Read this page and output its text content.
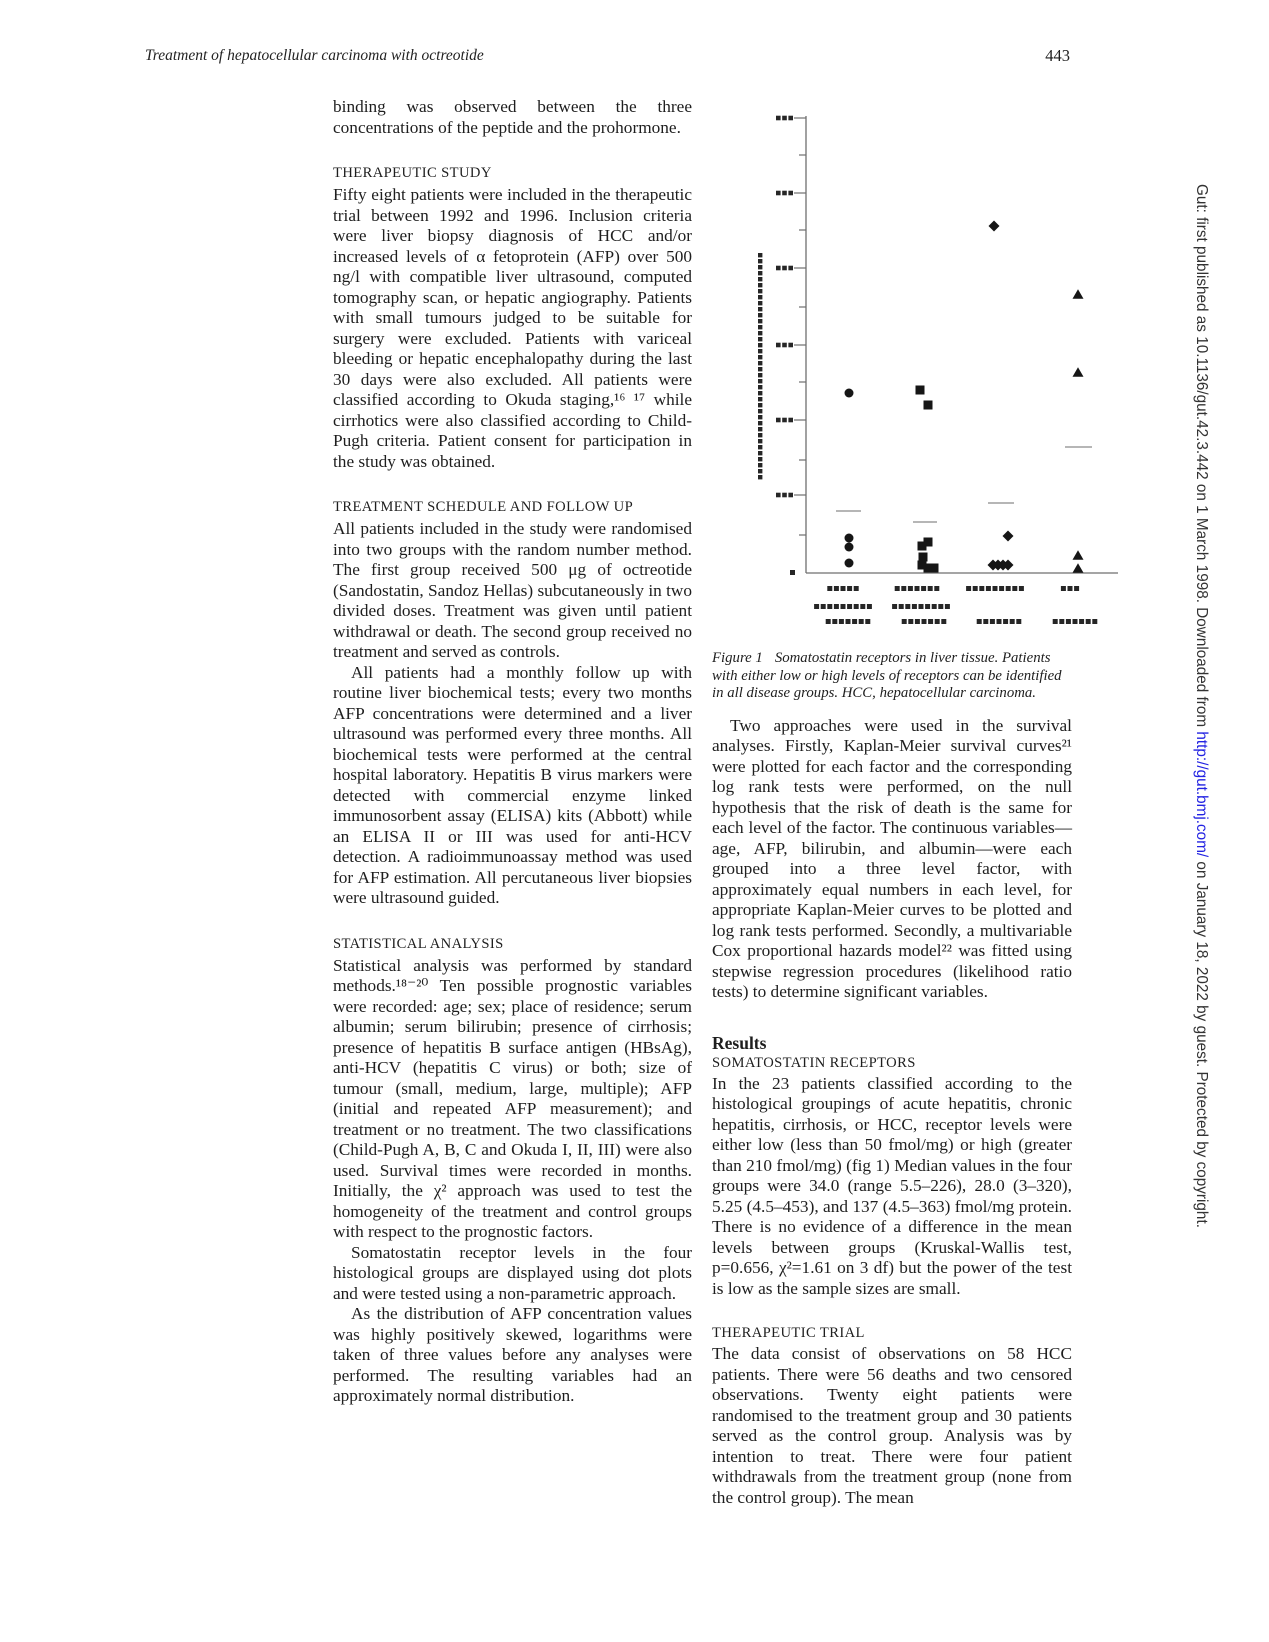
Treatment of hepatocellular carcinoma with octreotide	443
binding was observed between the three concentrations of the peptide and the prohormone.
THERAPEUTIC STUDY
Fifty eight patients were included in the therapeutic trial between 1992 and 1996. Inclusion criteria were liver biopsy diagnosis of HCC and/or increased levels of α fetoprotein (AFP) over 500 ng/l with compatible liver ultrasound, computed tomography scan, or hepatic angiography. Patients with small tumours judged to be suitable for surgery were excluded. Patients with variceal bleeding or hepatic encephalopathy during the last 30 days were also excluded. All patients were classified according to Okuda staging,¹⁶ ¹⁷ while cirrhotics were also classified according to Child-Pugh criteria. Patient consent for participation in the study was obtained.
TREATMENT SCHEDULE AND FOLLOW UP
All patients included in the study were randomised into two groups with the random number method. The first group received 500 μg of octreotide (Sandostatin, Sandoz Hellas) subcutaneously in two divided doses. Treatment was given until patient withdrawal or death. The second group received no treatment and served as controls.
All patients had a monthly follow up with routine liver biochemical tests; every two months AFP concentrations were determined and a liver ultrasound was performed every three months. All biochemical tests were performed at the central hospital laboratory. Hepatitis B virus markers were detected with commercial enzyme linked immunosorbent assay (ELISA) kits (Abbott) while an ELISA II or III was used for anti-HCV detection. A radioimmunoassay method was used for AFP estimation. All percutaneous liver biopsies were ultrasound guided.
STATISTICAL ANALYSIS
Statistical analysis was performed by standard methods.¹⁸⁻²⁰ Ten possible prognostic variables were recorded: age; sex; place of residence; serum albumin; serum bilirubin; presence of cirrhosis; presence of hepatitis B surface antigen (HBsAg), anti-HCV (hepatitis C virus) or both; size of tumour (small, medium, large, multiple); AFP (initial and repeated AFP measurement); and treatment or no treatment. The two classifications (Child-Pugh A, B, C and Okuda I, II, III) were also used. Survival times were recorded in months. Initially, the χ² approach was used to test the homogeneity of the treatment and control groups with respect to the prognostic factors.
Somatostatin receptor levels in the four histological groups are displayed using dot plots and were tested using a non-parametric approach.
As the distribution of AFP concentration values was highly positively skewed, logarithms were taken of three values before any analyses were performed. The resulting variables had an approximately normal distribution.
Figure 1 Somatostatin receptors in liver tissue. Patients with either low or high levels of receptors can be identified in all disease groups. HCC, hepatocellular carcinoma.
Two approaches were used in the survival analyses. Firstly, Kaplan-Meier survival curves²¹ were plotted for each factor and the corresponding log rank tests were performed, on the null hypothesis that the risk of death is the same for each level of the factor. The continuous variables—age, AFP, bilirubin, and albumin—were each grouped into a three level factor, with approximately equal numbers in each level, for appropriate Kaplan-Meier curves to be plotted and log rank tests performed. Secondly, a multivariable Cox proportional hazards model²² was fitted using stepwise regression procedures (likelihood ratio tests) to determine significant variables.
Results
SOMATOSTATIN RECEPTORS
In the 23 patients classified according to the histological groupings of acute hepatitis, chronic hepatitis, cirrhosis, or HCC, receptor levels were either low (less than 50 fmol/mg) or high (greater than 210 fmol/mg) (fig 1) Median values in the four groups were 34.0 (range 5.5–226), 28.0 (3–320), 5.25 (4.5–453), and 137 (4.5–363) fmol/mg protein. There is no evidence of a difference in the mean levels between groups (Kruskal-Wallis test, p=0.656, χ²=1.61 on 3 df) but the power of the test is low as the sample sizes are small.
THERAPEUTIC TRIAL
The data consist of observations on 58 HCC patients. There were 56 deaths and two censored observations. Twenty eight patients were randomised to the treatment group and 30 patients served as the control group. Analysis was by intention to treat. There were four patient withdrawals from the treatment group (none from the control group). The mean
Gut: first published as 10.1136/gut.42.3.442 on 1 March 1998. Downloaded from http://gut.bmj.com/ on January 18, 2022 by guest. Protected by copyright.
